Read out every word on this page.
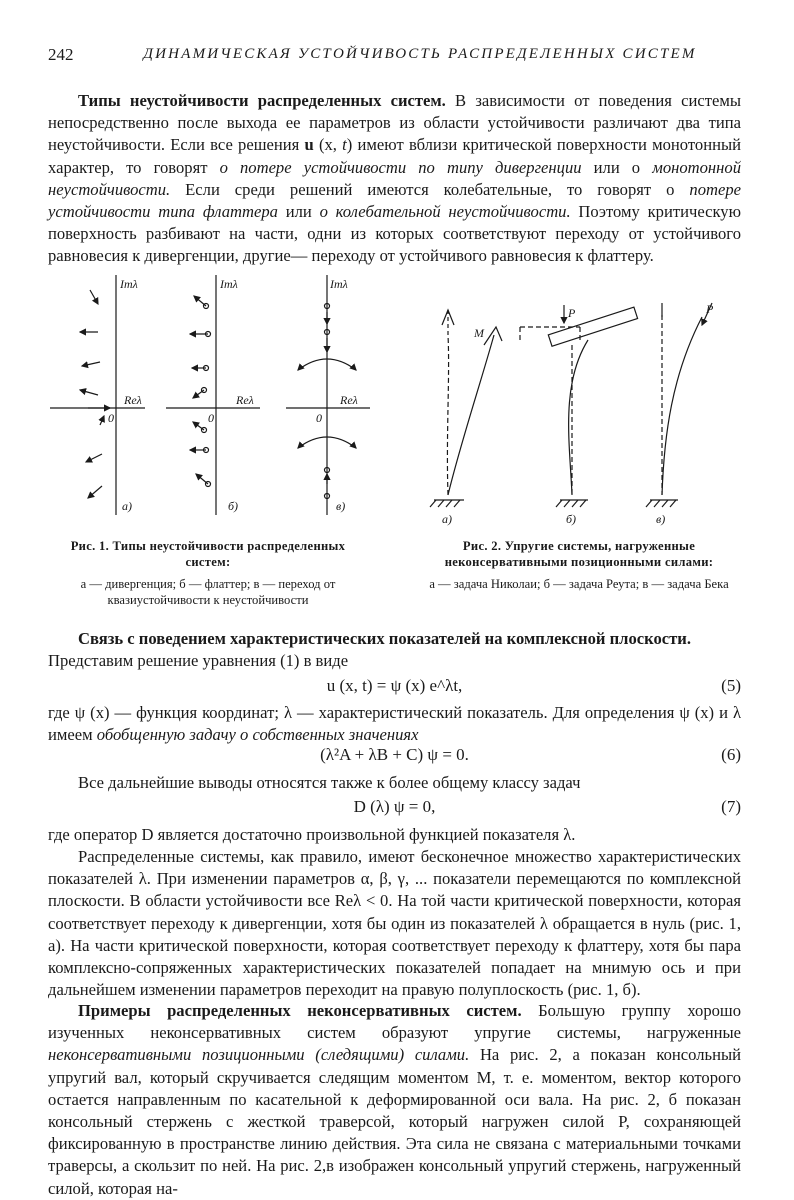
242	ДИНАМИЧЕСКАЯ УСТОЙЧИВОСТЬ РАСПРЕДЕЛЕННЫХ СИСТЕМ
Типы неустойчивости распределенных систем. В зависимости от поведения системы непосредственно после выхода ее параметров из области устойчивости различают два типа неустойчивости. Если все решения u (x, t) имеют вблизи критической поверхности монотонный характер, то говорят о потере устойчивости по типу дивергенции или о монотонной неустойчивости. Если среди решений имеются колебательные, то говорят о потере устойчивости типа флаттера или о колебательной неустойчивости. Поэтому критическую поверхность разбивают на части, одни из которых соответствуют переходу от устойчивого равновесия к дивергенции, другие— переходу от устойчивого равновесия к флаттеру.
Imλ
Reλ
0
а)
Imλ
Reλ
0
б)
Imλ
Reλ
0
в)
Рис. 1. Типы неустойчивости распределенных систем:
а — дивергенция; б — флаттер; в — переход от квазиустойчивости к неустойчивости
M
P	P
а)	б)	в)
Рис. 2. Упругие системы, нагруженные неконсервативными позиционными силами:
а — задача Николаи; б — задача Реута; в — задача Бека
Связь с поведением характеристических показателей на комплексной плоскости.
Представим решение уравнения (1) в виде
u (x, t) = ψ (x) e^λt,	(5)
где ψ (x) — функция координат; λ — характеристический показатель. Для определения ψ (x) и λ имеем обобщенную задачу о собственных значениях
(λ²A + λB + C) ψ = 0.	(6)
Все дальнейшие выводы относятся также к более общему классу задач
D (λ) ψ = 0,	(7)
где оператор D является достаточно произвольной функцией показателя λ.
Распределенные системы, как правило, имеют бесконечное множество характеристических показателей λ. При изменении параметров α, β, γ, ... показатели перемещаются по комплексной плоскости. В области устойчивости все Reλ < 0. На той части критической поверхности, которая соответствует переходу к дивергенции, хотя бы один из показателей λ обращается в нуль (рис. 1, а). На части критической поверхности, которая соответствует переходу к флаттеру, хотя бы пара комплексно-сопряженных характеристических показателей попадает на мнимую ось и при дальнейшем изменении параметров переходит на правую полуплоскость (рис. 1, б).
Примеры распределенных неконсервативных систем. Большую группу хорошо изученных неконсервативных систем образуют упругие системы, нагруженные неконсервативными позиционными (следящими) силами. На рис. 2, а показан консольный упругий вал, который скручивается следящим моментом M, т. е. моментом, вектор которого остается направленным по касательной к деформированной оси вала. На рис. 2, б показан консольный стержень с жесткой траверсой, который нагружен силой P, сохраняющей фиксированную в пространстве линию действия. Эта сила не связана с материальными точками траверсы, а скользит по ней. На рис. 2,в изображен консольный упругий стержень, нагруженный силой, которая на-
